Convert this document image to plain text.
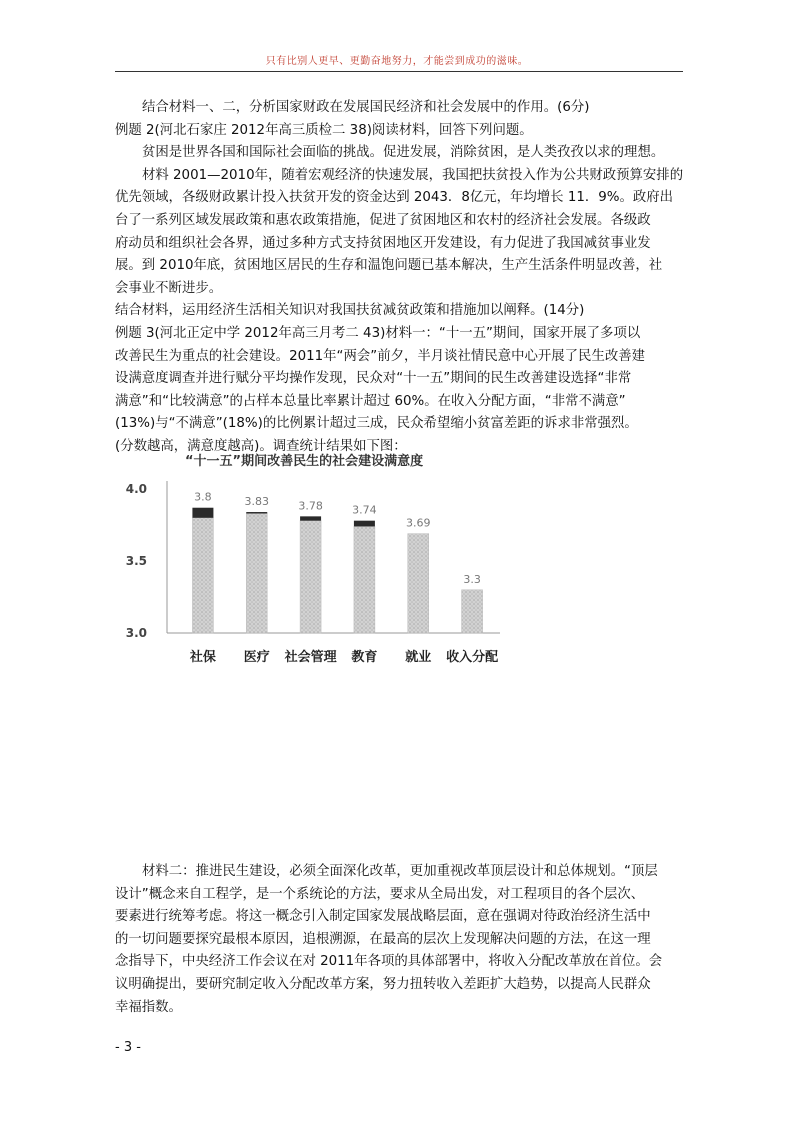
只有比别人更早、更勤奋地努力，才能尝到成功的滋味。

结合材料一、二，分析国家财政在发展国民经济和社会发展中的作用。(6分)

例题 2(河北石家庄 2012年高三质检二 38)阅读材料，回答下列问题。

贫困是世界各国和国际社会面临的挑战。促进发展，消除贫困，是人类孜孜以求的理想。

材料 2001—2010年，随着宏观经济的快速发展，我国把扶贫投入作为公共财政预算安排的

优先领域，各级财政累计投入扶贫开发的资金达到 2043．8亿元，年均增长 11．9%。政府出

台了一系列区域发展政策和惠农政策措施，促进了贫困地区和农村的经济社会发展。各级政

府动员和组织社会各界，通过多种方式支持贫困地区开发建设，有力促进了我国减贫事业发

展。到 2010年底，贫困地区居民的生存和温饱问题已基本解决，生产生活条件明显改善，社

会事业不断进步。

结合材料，运用经济生活相关知识对我国扶贫减贫政策和措施加以阐释。(14分)

例题 3(河北正定中学 2012年高三月考二 43)材料一：“十一五”期间，国家开展了多项以

改善民生为重点的社会建设。2011年“两会”前夕，半月谈社情民意中心开展了民生改善建

设满意度调查并进行赋分平均操作发现，民众对“十一五”期间的民生改善建设选择“非常

满意”和“比较满意”的占样本总量比率累计超过 60%。在收入分配方面，“非常不满意”

(13%)与“不满意”(18%)的比例累计超过三成，民众希望缩小贫富差距的诉求非常强烈。

(分数越高，满意度越高)。调查统计结果如下图：

“十一五”期间改善民生的社会建设满意度
3.0
3.5
4.0
3.8
社保
3.83
医疗
3.78
社会管理
3.74
教育
3.69
就业
3.3
收入分配

材料二：推进民生建设，必须全面深化改革，更加重视改革顶层设计和总体规划。“顶层

设计”概念来自工程学，是一个系统论的方法，要求从全局出发，对工程项目的各个层次、

要素进行统筹考虑。将这一概念引入制定国家发展战略层面，意在强调对待政治经济生活中

的一切问题要探究最根本原因，追根溯源，在最高的层次上发现解决问题的方法，在这一理

念指导下，中央经济工作会议在对 2011年各项的具体部署中，将收入分配改革放在首位。会

议明确提出，要研究制定收入分配改革方案，努力扭转收入差距扩大趋势，以提高人民群众

幸福指数。

- 3 -
